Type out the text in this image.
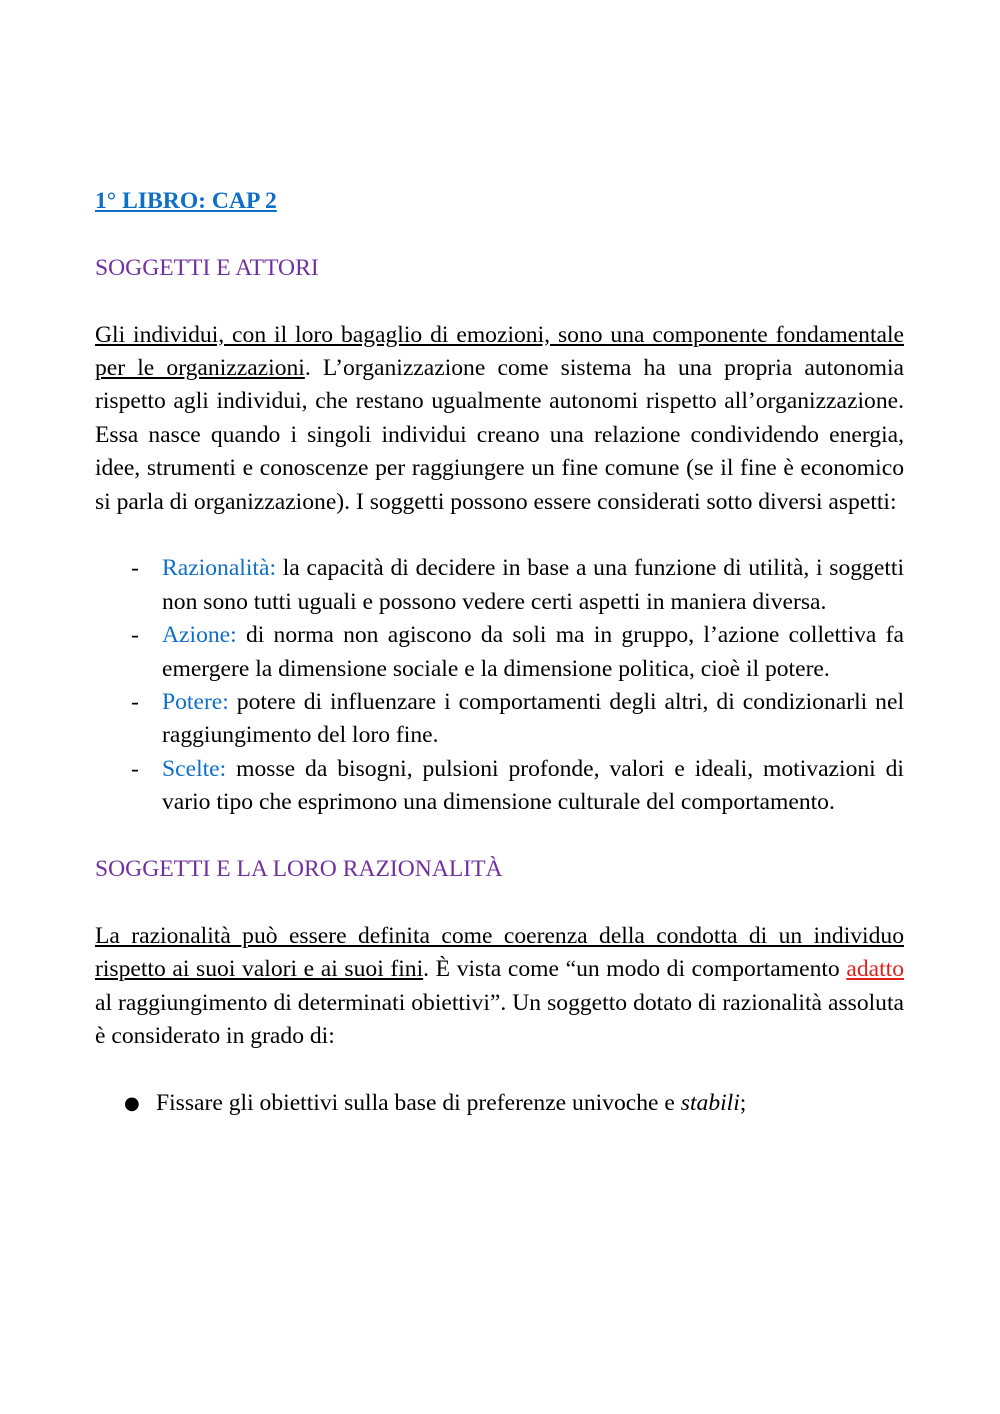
1° LIBRO: CAP 2

SOGGETTI E ATTORI

Gli individui, con il loro bagaglio di emozioni, sono una componente fondamentale per le organizzazioni. L’organizzazione come sistema ha una propria autonomia rispetto agli individui, che restano ugualmente autonomi rispetto all’organizzazione. Essa nasce quando i singoli individui creano una relazione condividendo energia, idee, strumenti e conoscenze per raggiungere un fine comune (se il fine è economico si parla di organizzazione). I soggetti possono essere considerati sotto diversi aspetti:

- Razionalità: la capacità di decidere in base a una funzione di utilità, i soggetti non sono tutti uguali e possono vedere certi aspetti in maniera diversa.
- Azione: di norma non agiscono da soli ma in gruppo, l’azione collettiva fa emergere la dimensione sociale e la dimensione politica, cioè il potere.
- Potere: potere di influenzare i comportamenti degli altri, di condizionarli nel raggiungimento del loro fine.
- Scelte: mosse da bisogni, pulsioni profonde, valori e ideali, motivazioni di vario tipo che esprimono una dimensione culturale del comportamento.

SOGGETTI E LA LORO RAZIONALITÀ

La razionalità può essere definita come coerenza della condotta di un individuo rispetto ai suoi valori e ai suoi fini. È vista come “un modo di comportamento adatto al raggiungimento di determinati obiettivi”. Un soggetto dotato di razionalità assoluta è considerato in grado di:

● Fissare gli obiettivi sulla base di preferenze univoche e stabili;
